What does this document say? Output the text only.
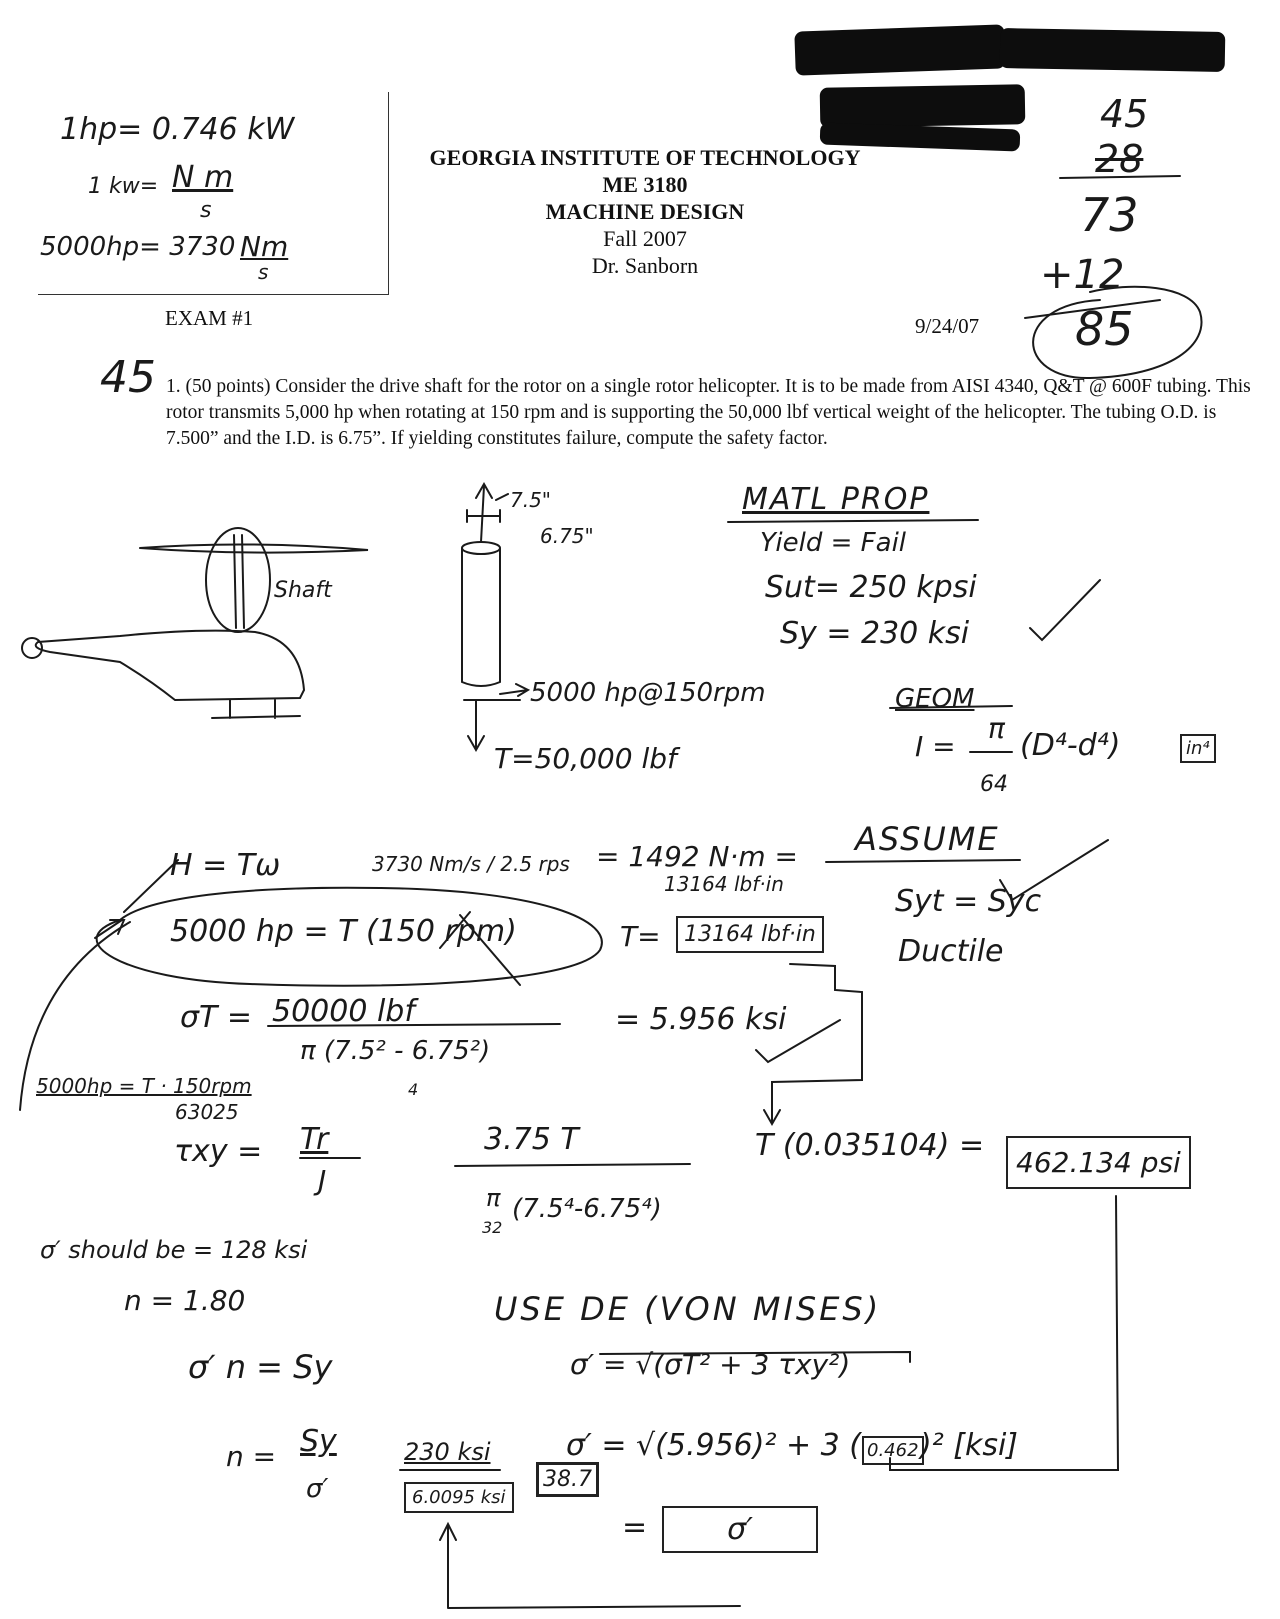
45
28
73
+12
85
1hp= 0.746 kW
1 kw= N m
s
5000hp= 3730 Nm
s
GEORGIA INSTITUTE OF TECHNOLOGY
ME 3180
MACHINE DESIGN
Fall 2007
Dr. Sanborn
EXAM #1	9/24/07
45 1. (50 points) Consider the drive shaft for the rotor on a single rotor helicopter. It is to be made from AISI 4340, Q&T @ 600F tubing. This rotor transmits 5,000 hp when rotating at 150 rpm and is supporting the 50,000 lbf vertical weight of the helicopter. The tubing O.D. is 7.500” and the I.D. is 6.75”. If yielding constitutes failure, compute the safety factor.
Shaft
7.5"
6.75"
5000 hp@150rpm
T=50,000 lbf
MATL PROP
Yield = Fail
Sut= 250 kpsi
Sy = 230 ksi
GEOM
I =
π
64
(D⁴-d⁴)	in⁴
ASSUME
Syt = Syc
Ductile
H = Tω	3730 Nm/s / 2.5 rps = 1492 N·m =
13164 lbf·in
5000 hp = T (150 rpm)	T=	13164 lbf·in
σT = 50000 lbf
π (7.5² - 6.75²)
4
= 5.956 ksi
5000hp = T · 150rpm
63025
τxy = Tr
J
3.75 T
π
32
(7.5⁴-6.75⁴)
T (0.035104) =	462.134 psi
σ′ should be = 128 ksi
n = 1.80	USE DE (VON MISES)
σ′ = √(σT² + 3 τxy²)
σ′ n = Sy
n = Sy
σ′
230 ksi
6.0095 ksi
38.7
σ′ = √(5.956)² + 3 ( 0.462 )² [ksi]
=	σ′
